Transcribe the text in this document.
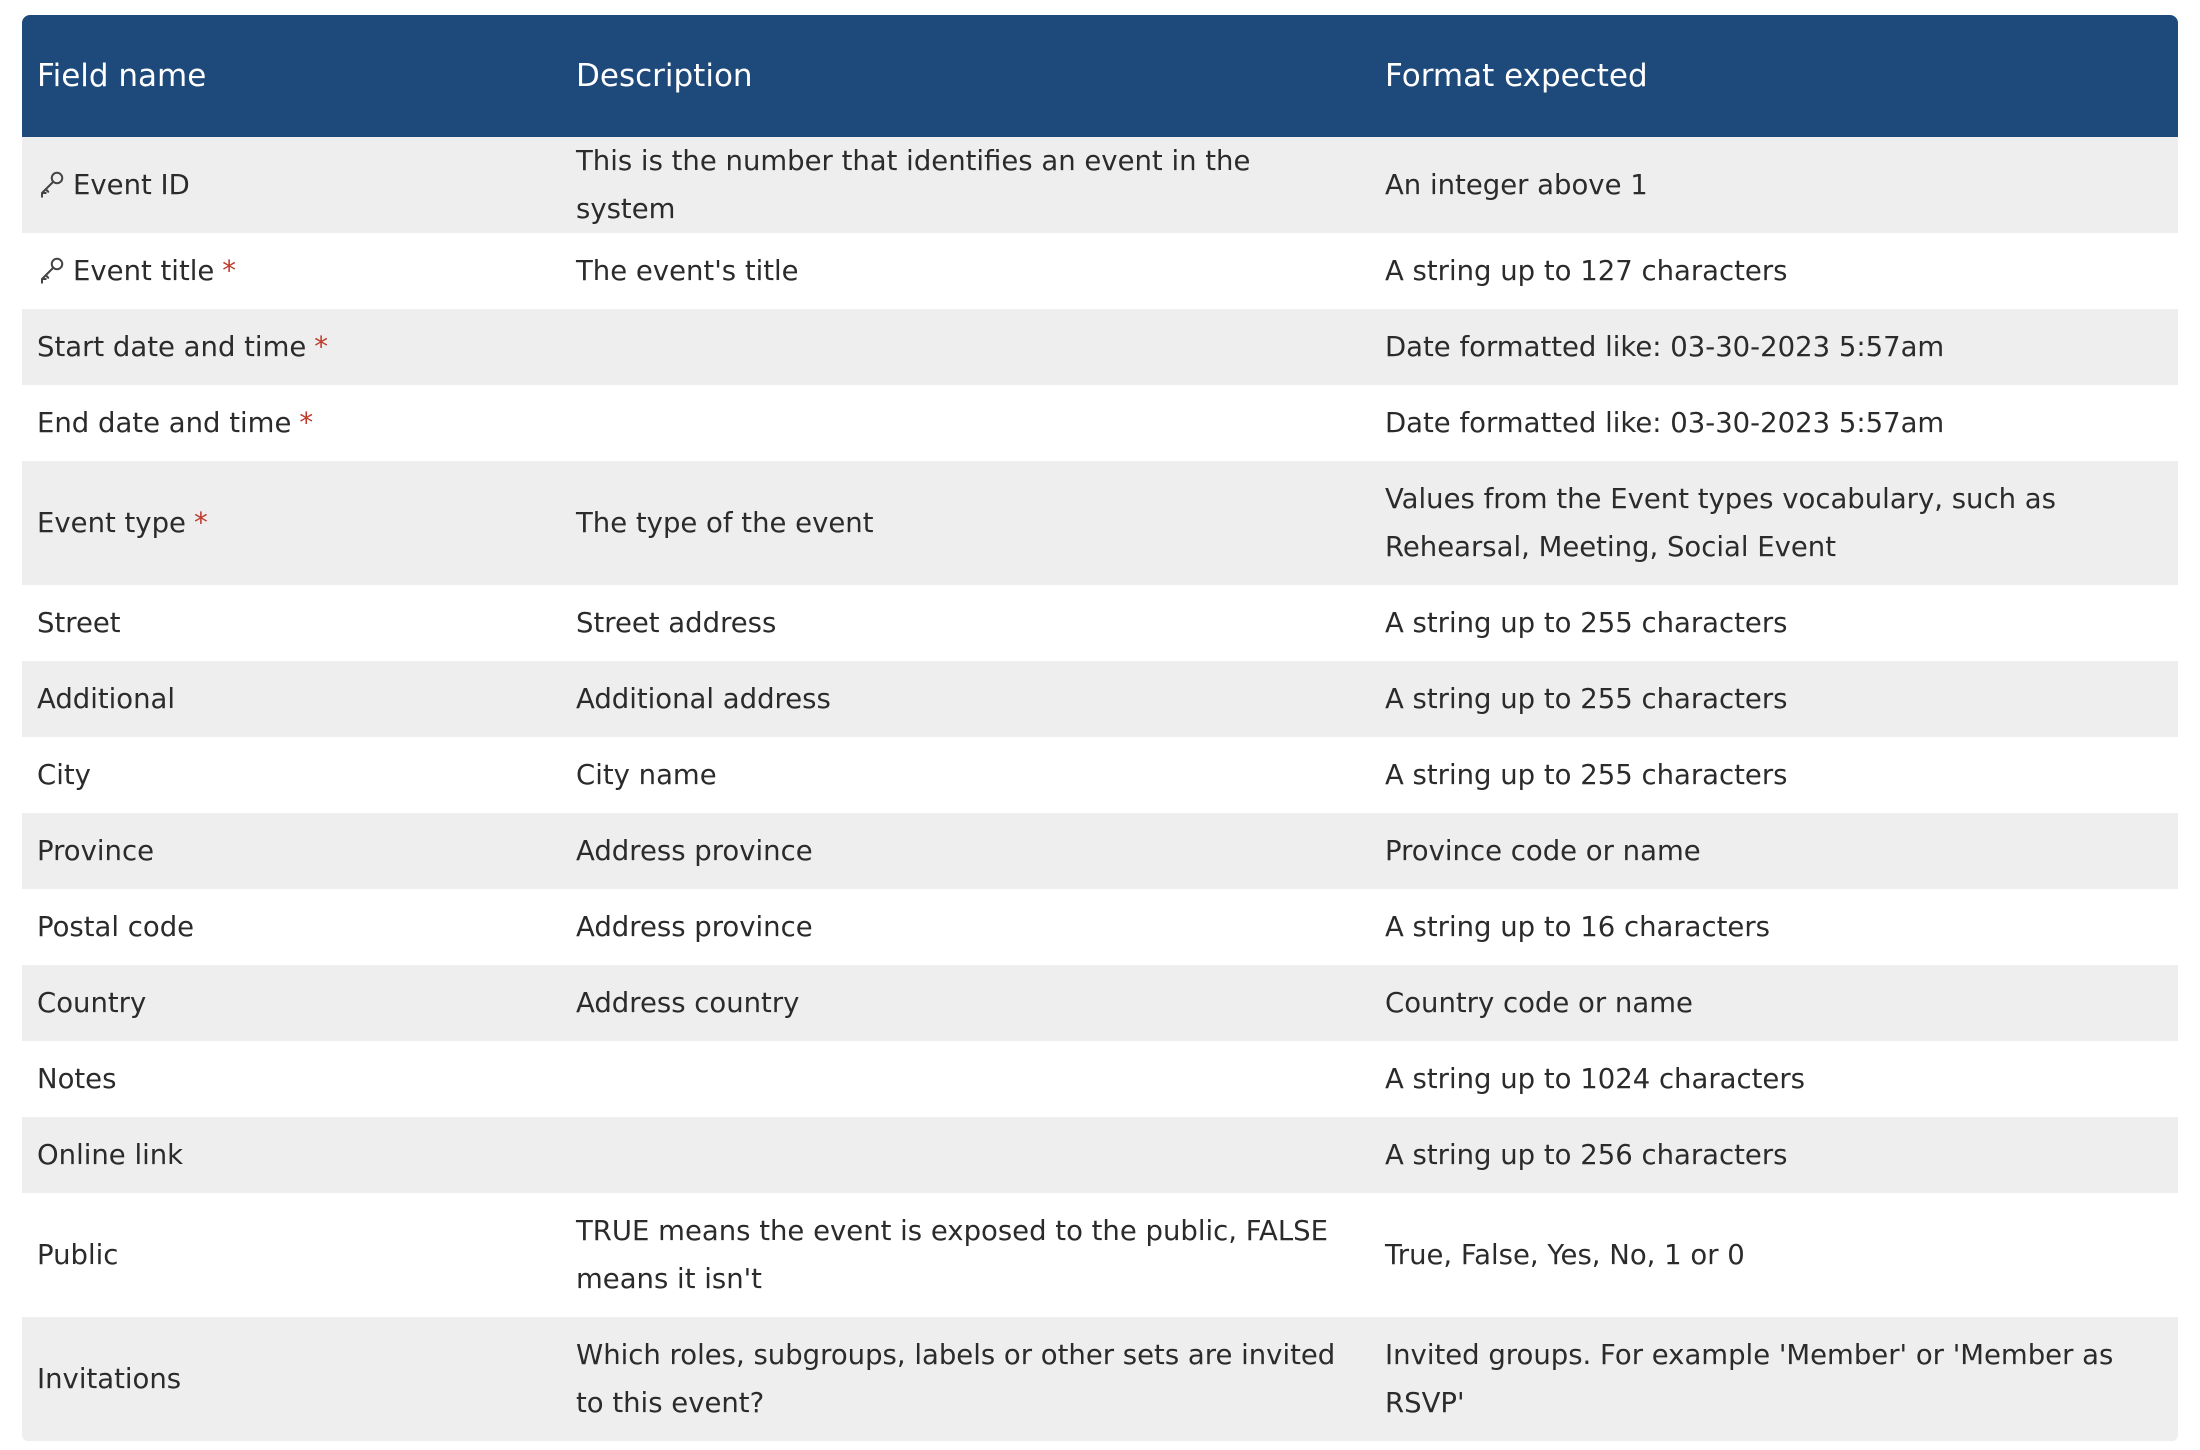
Field name	Description	Format expected

Event ID	This is the number that identifies an event in the system	An integer above 1

Event title *	The event's title	A string up to 127 characters
Start date and time *		Date formatted like: 03-30-2023 5:57am
End date and time *		Date formatted like: 03-30-2023 5:57am
Event type *	The type of the event	Values from the Event types vocabulary, such as Rehearsal, Meeting, Social Event
Street	Street address	A string up to 255 characters
Additional	Additional address	A string up to 255 characters
City	City name	A string up to 255 characters
Province	Address province	Province code or name
Postal code	Address province	A string up to 16 characters
Country	Address country	Country code or name
Notes		A string up to 1024 characters
Online link		A string up to 256 characters
Public	TRUE means the event is exposed to the public, FALSE means it isn't	True, False, Yes, No, 1 or 0
Invitations	Which roles, subgroups, labels or other sets are invited to this event?	Invited groups. For example 'Member' or 'Member as RSVP'
